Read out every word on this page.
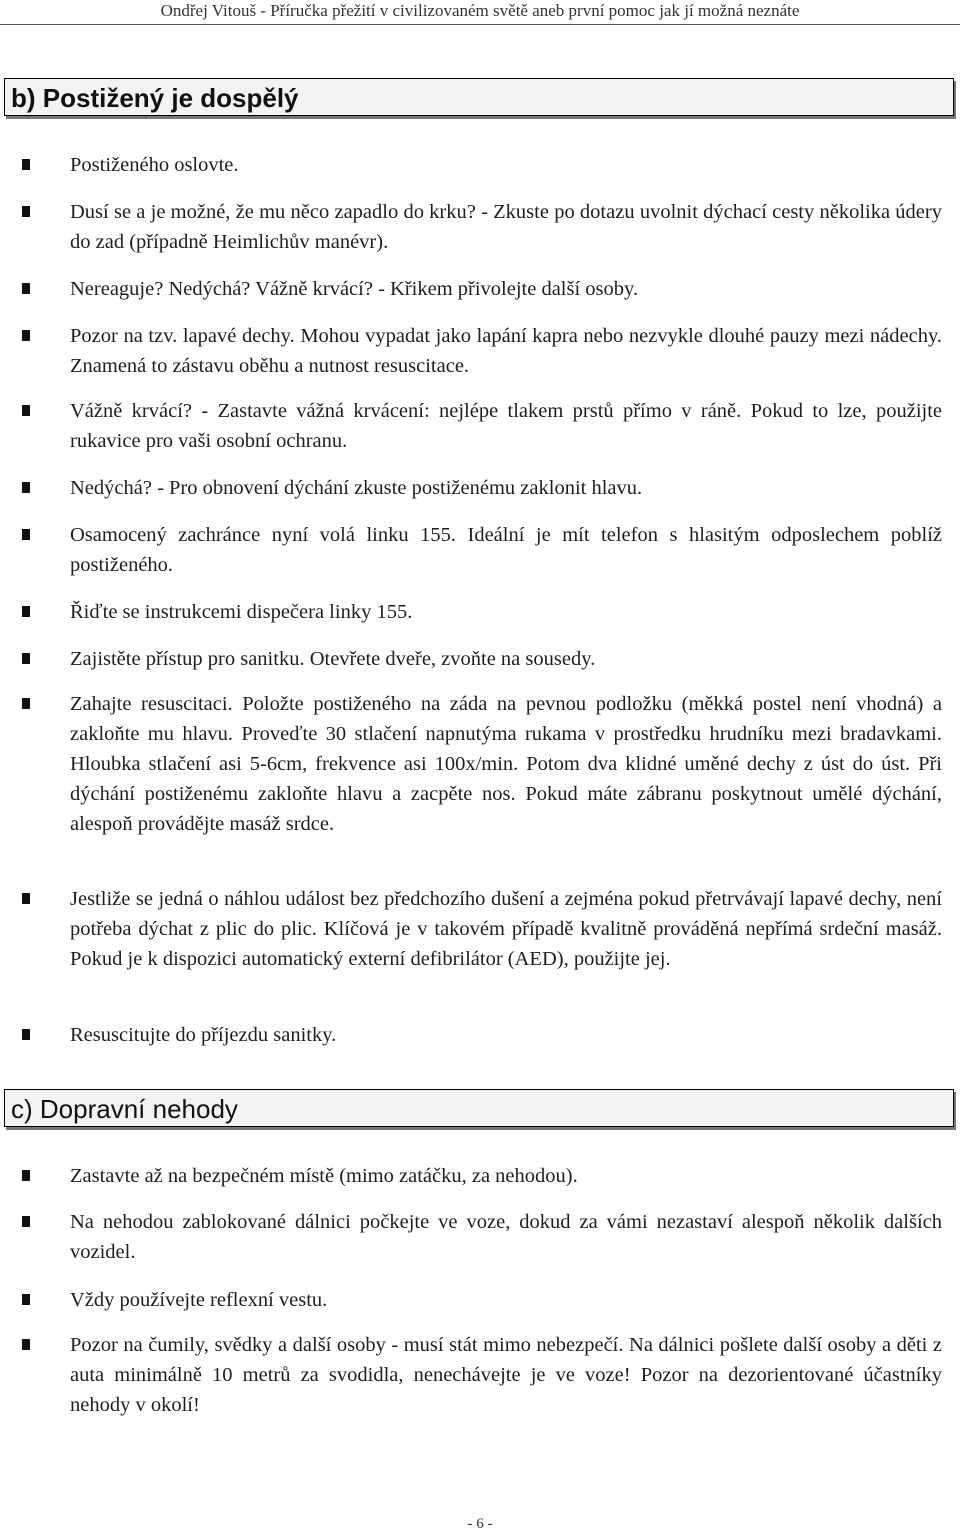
Ondřej Vitouš - Příručka přežití v civilizovaném světě aneb první pomoc jak jí možná neznáte
b) Postižený je dospělý
Postiženého oslovte.
Dusí se a je možné, že mu něco zapadlo do krku? - Zkuste po dotazu uvolnit dýchací cesty několika údery do zad (případně Heimlichův manévr).
Nereaguje? Nedýchá? Vážně krvácí? - Křikem přivolejte další osoby.
Pozor na tzv. lapavé dechy. Mohou vypadat jako lapání kapra nebo nezvykle dlouhé pauzy mezi nádechy. Znamená to zástavu oběhu a nutnost resuscitace.
Vážně krvácí? - Zastavte vážná krvácení: nejlépe tlakem prstů přímo v ráně. Pokud to lze, použijte rukavice pro vaši osobní ochranu.
Nedýchá? - Pro obnovení dýchání zkuste postiženému zaklonit hlavu.
Osamocený zachránce nyní volá linku 155. Ideální je mít telefon s hlasitým odposlechem poblíž postiženého.
Řiďte se instrukcemi dispečera linky 155.
Zajistěte přístup pro sanitku. Otevřete dveře, zvoňte na sousedy.
Zahajte resuscitaci. Položte postiženého na záda na pevnou podložku (měkká postel není vhodná) a zakloňte mu hlavu. Proveďte 30 stlačení napnutýma rukama v prostředku hrudníku mezi bradavkami. Hloubka stlačení asi 5-6cm, frekvence asi 100x/min. Potom dva klidné uměné dechy z úst do úst. Při dýchání postiženému zakloňte hlavu a zacpěte nos. Pokud máte zábranu poskytnout umělé dýchání, alespoň provádějte masáž srdce.
Jestliže se jedná o náhlou událost bez předchozího dušení a zejména pokud přetrvávají lapavé dechy, není potřeba dýchat z plic do plic. Klíčová je v takovém případě kvalitně prováděná nepřímá srdeční masáž. Pokud je k dispozici automatický externí defibrilátor (AED), použijte jej.
Resuscitujte do příjezdu sanitky.
c) Dopravní nehody
Zastavte až na bezpečném místě (mimo zatáčku, za nehodou).
Na nehodou zablokované dálnici počkejte ve voze, dokud za vámi nezastaví alespoň několik dalších vozidel.
Vždy používejte reflexní vestu.
Pozor na čumily, svědky a další osoby - musí stát mimo nebezpečí. Na dálnici pošlete další osoby a děti z auta minimálně 10 metrů za svodidla, nenechávejte je ve voze! Pozor na dezorientované účastníky nehody v okolí!
- 6 -
